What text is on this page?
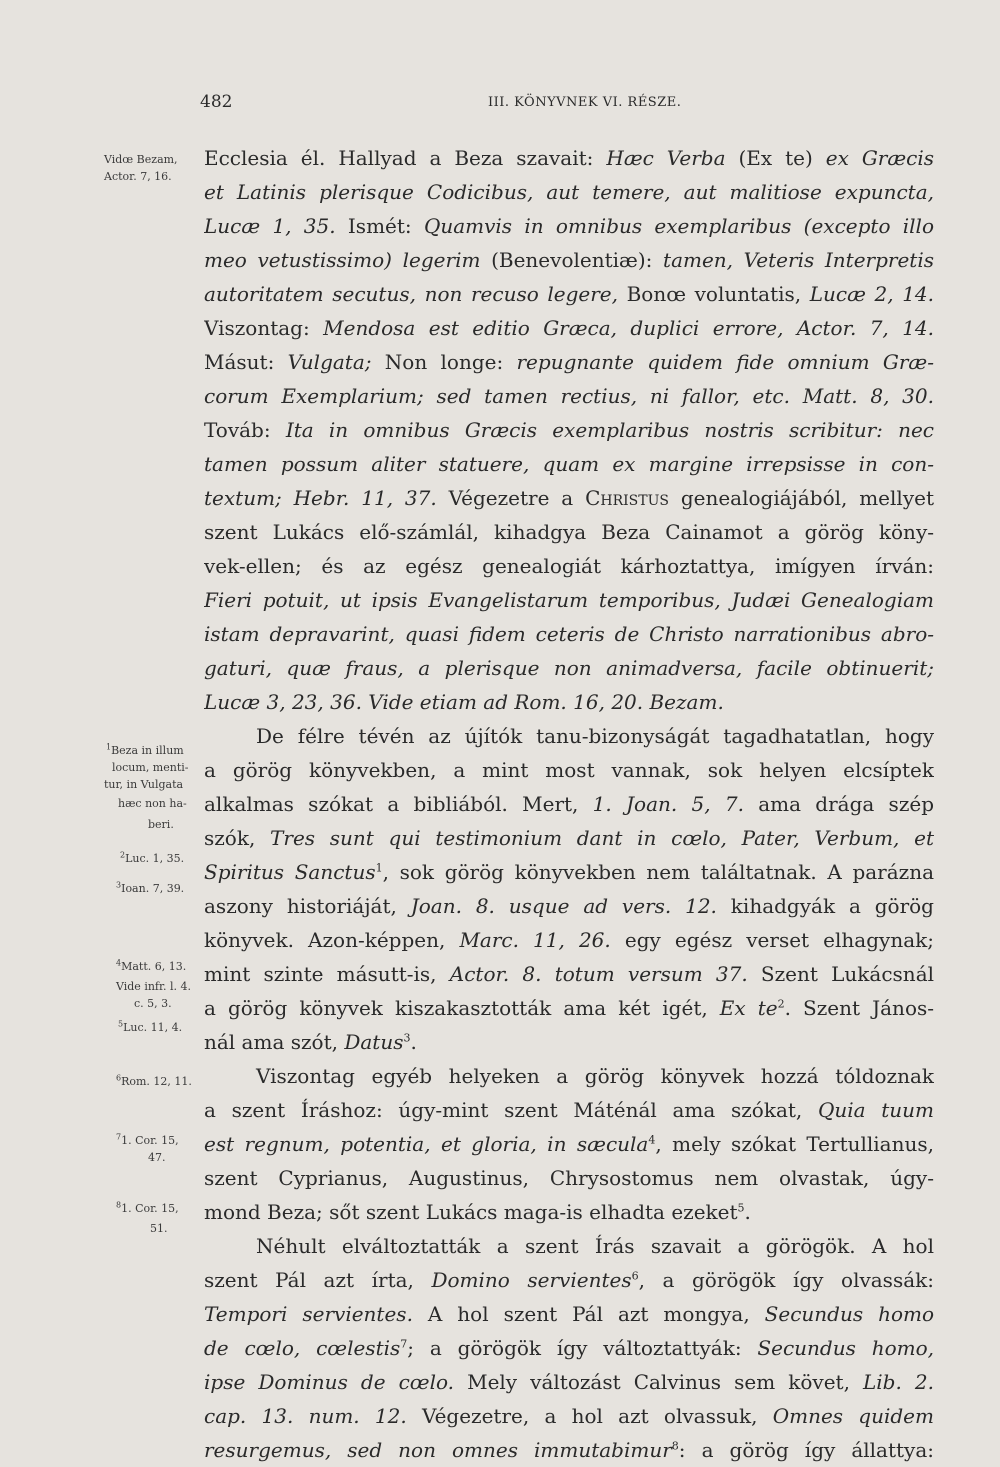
482	III. KÖNYVNEK VI. RÉSZE.
Vidœ Bezam,
Actor. 7, 16.
$^1$Beza in illum
locum, menti-
tur, in Vulgata
hæc non ha-
beri.
$^2$Luc. 1, 35.
$^3$Ioan. 7, 39.
$^4$Matt. 6, 13.
Vide infr. l. 4.
c. 5, 3.
$^5$Luc. 11, 4.
$^6$Rom. 12, 11.
$^7$1. Cor. 15,
47.
$^8$1. Cor. 15,
51.
Ecclesia él. Hallyad a Beza szavait: Hæc Verba (Ex te) ex Græcis
et Latinis plerisque Codicibus, aut temere, aut malitiose expuncta,
Lucæ 1, 35. Ismét: Quamvis in omnibus exemplaribus (excepto illo
meo vetustissimo) legerim (Benevolentiæ): tamen, Veteris Interpretis
autoritatem secutus, non recuso legere, Bonœ voluntatis, Lucæ 2, 14.
Viszontag: Mendosa est editio Græca, duplici errore, Actor. 7, 14.
Másut: Vulgata; Non longe: repugnante quidem fide omnium Græ-
corum Exemplarium; sed tamen rectius, ni fallor, etc. Matt. 8, 30.
Továb: Ita in omnibus Græcis exemplaribus nostris scribitur: nec
tamen possum aliter statuere, quam ex margine irrepsisse in con-
textum; Hebr. 11, 37. Végezetre a Christus genealogiájából, mellyet
szent Lukács elő-számlál, kihadgya Beza Cainamot a görög köny-
vek-ellen; és az egész genealogiát kárhoztattya, imígyen írván:
Fieri potuit, ut ipsis Evangelistarum temporibus, Judæi Genealogiam
istam depravarint, quasi fidem ceteris de Christo narrationibus abro-
gaturi, quæ fraus, a plerisque non animadversa, facile obtinuerit;
Lucæ 3, 23, 36. Vide etiam ad Rom. 16, 20. Bezam.
De félre tévén az újítók tanu-bizonyságát tagadhatatlan, hogy
a görög könyvekben, a mint most vannak, sok helyen elcsíptek
alkalmas szókat a bibliából. Mert, 1. Joan. 5, 7. ama drága szép
szók, Tres sunt qui testimonium dant in cœlo, Pater, Verbum, et
Spiritus Sanctus$^1$, sok görög könyvekben nem találtatnak. A parázna
aszony historiáját, Joan. 8. usque ad vers. 12. kihadgyák a görög
könyvek. Azon-képpen, Marc. 11, 26. egy egész verset elhagynak;
mint szinte másutt-is, Actor. 8. totum versum 37. Szent Lukácsnál
a görög könyvek kiszakasztották ama két igét, Ex $te^2$. Szent János-
nál ama szót, Datus$^3$.
Viszontag egyéb helyeken a görög könyvek hozzá tóldoznak
a szent Íráshoz: úgy-mint szent Máténál ama szókat, Quia tuum
est regnum, potentia, et gloria, in sæcula$^4$, mely szókat Tertullianus,
szent Cyprianus, Augustinus, Chrysostomus nem olvastak, úgy-
mond Beza; sőt szent Lukács maga-is elhadta ezeket$^5$.
Néhult elváltoztatták a szent Írás szavait a görögök. A hol
szent Pál azt írta, Domino servientes$^6$, a görögök így olvassák:
Tempori servientes. A hol szent Pál azt mongya, Secundus homo
de cœlo, cœlestis$^7$; a görögök így változtattyák: Secundus homo,
ipse Dominus de cœlo. Mely változást Calvinus sem követ, Lib. 2.
cap. 13. num. 12. Végezetre, a hol azt olvassuk, Omnes quidem
resurgemus, sed non omnes immutabimur$^8$: a görög így állattya:
